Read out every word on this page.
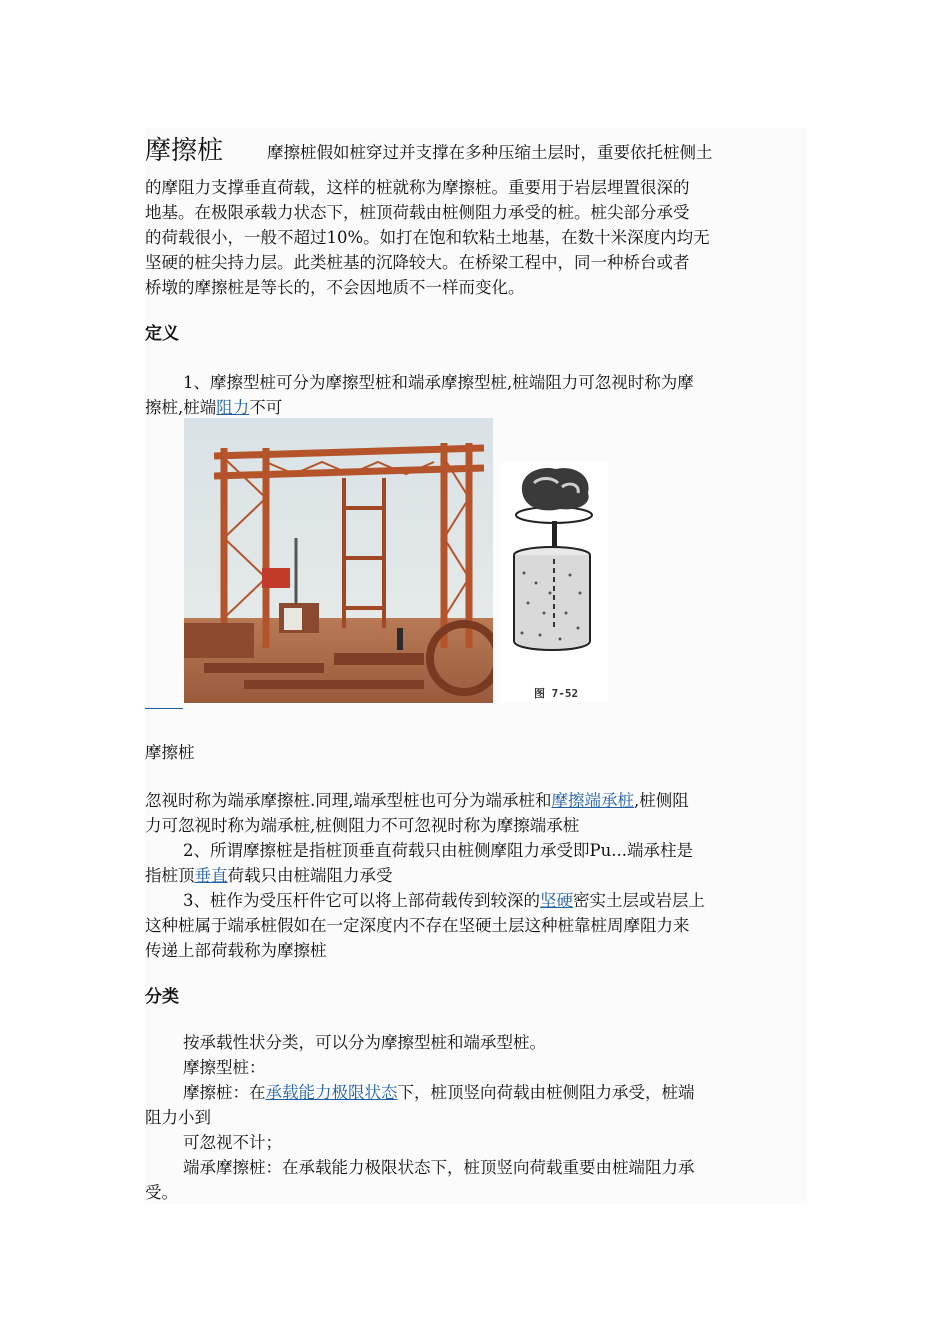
摩擦桩	摩擦桩假如桩穿过并支撑在多种压缩土层时，重要依托桩侧土
的摩阻力支撑垂直荷载，这样的桩就称为摩擦桩。重要用于岩层埋置很深的
地基。在极限承载力状态下，桩顶荷载由桩侧阻力承受的桩。桩尖部分承受
的荷载很小，一般不超过10%。如打在饱和软粘土地基，在数十米深度内均无
坚硬的桩尖持力层。此类桩基的沉降较大。在桥梁工程中，同一种桥台或者
桥墩的摩擦桩是等长的，不会因地质不一样而变化。
定义
1、摩擦型桩可分为摩擦型桩和端承摩擦型桩,桩端阻力可忽视时称为摩
擦桩,桩端阻力不可
图 7-52
摩擦桩
忽视时称为端承摩擦桩.同理,端承型桩也可分为端承桩和摩擦端承桩,桩侧阻
力可忽视时称为端承桩,桩侧阻力不可忽视时称为摩擦端承桩
2、所谓摩擦桩是指桩顶垂直荷载只由桩侧摩阻力承受即Pu...端承柱是
指桩顶垂直荷载只由桩端阻力承受
3、桩作为受压杆件它可以将上部荷载传到较深的坚硬密实土层或岩层上
这种桩属于端承桩假如在一定深度内不存在坚硬土层这种桩靠桩周摩阻力来
传递上部荷载称为摩擦桩
分类
按承载性状分类，可以分为摩擦型桩和端承型桩。
摩擦型桩：
摩擦桩：在承载能力极限状态下，桩顶竖向荷载由桩侧阻力承受，桩端
阻力小到
可忽视不计；
端承摩擦桩：在承载能力极限状态下，桩顶竖向荷载重要由桩端阻力承
受。
